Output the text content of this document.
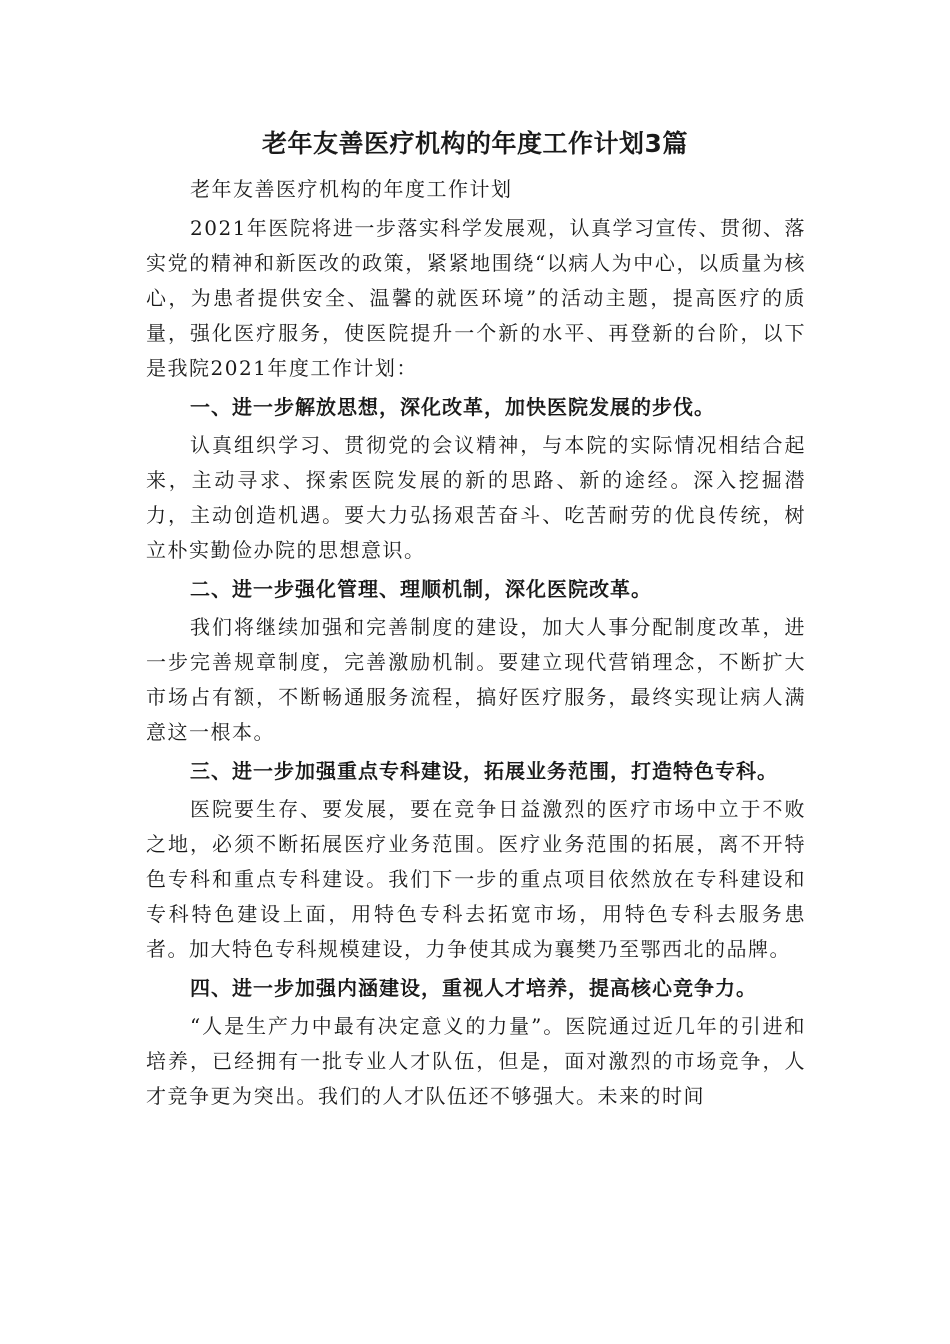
老年友善医疗机构的年度工作计划3篇

老年友善医疗机构的年度工作计划

2021年医院将进一步落实科学发展观，认真学习宣传、贯彻、落实党的精神和新医改的政策，紧紧地围绕“以病人为中心，以质量为核心，为患者提供安全、温馨的就医环境”的活动主题，提高医疗的质量，强化医疗服务，使医院提升一个新的水平、再登新的台阶，以下是我院2021年度工作计划：

一、进一步解放思想，深化改革，加快医院发展的步伐。

认真组织学习、贯彻党的会议精神，与本院的实际情况相结合起来，主动寻求、探索医院发展的新的思路、新的途经。深入挖掘潜力，主动创造机遇。要大力弘扬艰苦奋斗、吃苦耐劳的优良传统，树立朴实勤俭办院的思想意识。

二、进一步强化管理、理顺机制，深化医院改革。

我们将继续加强和完善制度的建设，加大人事分配制度改革，进一步完善规章制度，完善激励机制。要建立现代营销理念，不断扩大市场占有额，不断畅通服务流程，搞好医疗服务，最终实现让病人满意这一根本。

三、进一步加强重点专科建设，拓展业务范围，打造特色专科。

医院要生存、要发展，要在竞争日益激烈的医疗市场中立于不败之地，必须不断拓展医疗业务范围。医疗业务范围的拓展，离不开特色专科和重点专科建设。我们下一步的重点项目依然放在专科建设和专科特色建设上面，用特色专科去拓宽市场，用特色专科去服务患者。加大特色专科规模建设，力争使其成为襄樊乃至鄂西北的品牌。

四、进一步加强内涵建设，重视人才培养，提高核心竞争力。

“人是生产力中最有决定意义的力量”。医院通过近几年的引进和培养，已经拥有一批专业人才队伍，但是，面对激烈的市场竞争，人才竞争更为突出。我们的人才队伍还不够强大。未来的时间
